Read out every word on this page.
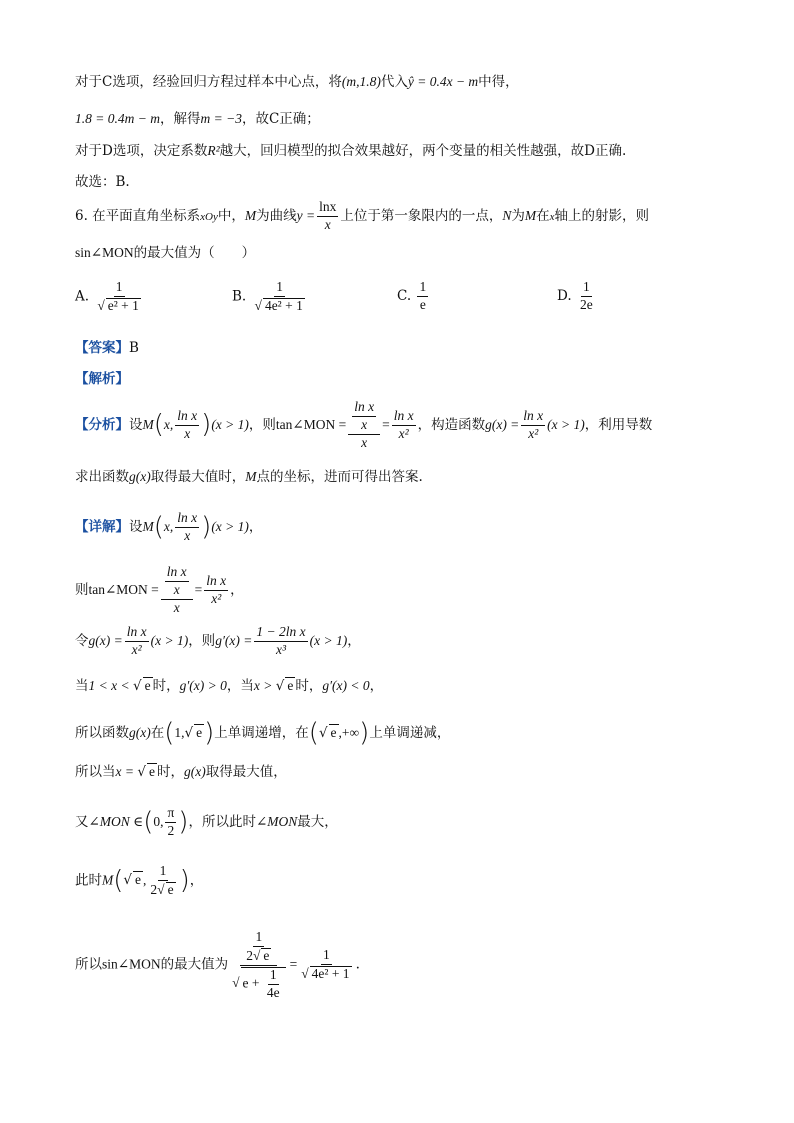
对于C选项，经验回归方程过样本中心点，将(m,1.8)代入ŷ = 0.4x − m中得，
1.8 = 0.4m − m，解得m = −3，故C正确；
对于D选项，决定系数R²越大，回归模型的拟合效果越好，两个变量的相关性越强，故D正确.
故选：B.
6. 在平面直角坐标系xOy中，M为曲线$y = \frac{\ln x}{x}$ 上位于第一象限内的一点，N为M在x轴上的射影，则
sin∠MON的最大值为（　　）
A. 1
√ e² + 1	B. 1
√ 4e² + 1	C. $\frac{1}{e}$	D. $\frac{1}{2e}$
【答案】B
【解析】
【分析】设M(x, $\frac{\text{ln x}}{x} )(x > 1)$，则tan∠MON = $\frac{\frac{\text{ln x}}{x}}{x} = \frac{\text{ln x}}{\text{x²}}$ ，构造函数$g(x) = \frac{\text{ln x}}{\text{x²}} (x > 1)$，利用导数
求出函数g(x)取得最大值时，M点的坐标，进而可得出答案.
【详解】设M(x, $\frac{\text{ln x}}{x} )(x > 1)$，
则tan∠MON = $\frac{\frac{\text{ln x}}{x}}{x} = \frac{\text{ln x}}{\text{x²}}$ ，
令$g(x) = \frac{\text{ln x}}{\text{x²}} (x > 1)$，则$g'(x) = \frac{\text{1 − 2ln x}}{\text{x³}} (x > 1)$，
当1 < x < √ e 时，g′(x) > 0，当x > √ e 时，g′(x) < 0，
所以函数g(x)在(1, √ e)上单调递增，在( √ e ,+∞)上单调递减，
所以当x = √ e 时，g(x)取得最大值，
又∠MON ∈(0, $\frac{\pi}{2}$ )，所以此时∠MON最大，
此时M( √ e , $\frac{1}{2 √ e}$ )，
所以sin∠MON的最大值为 $\frac{1}{2 √ e}$
√ $e + \frac{1}{4e} = 1$
√ 4e² + 1 .
